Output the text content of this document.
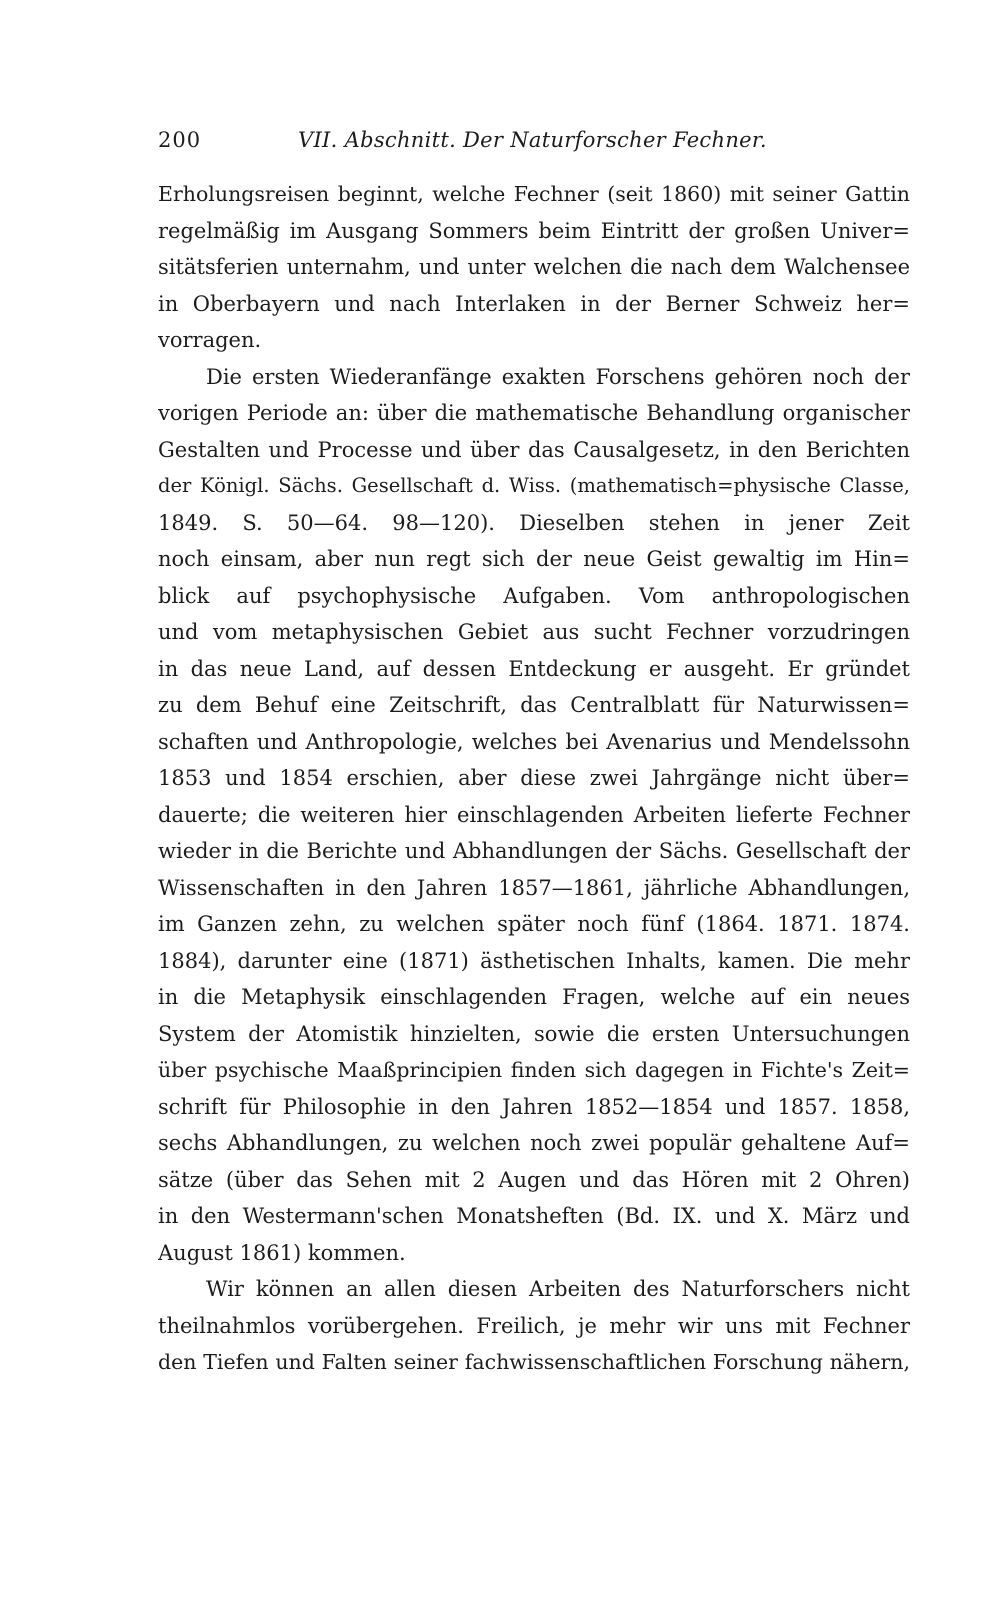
200	VII. Abschnitt. Der Naturforscher Fechner.
Erholungsreisen beginnt, welche Fechner (seit 1860) mit seiner Gattin
regelmäßig im Ausgang Sommers beim Eintritt der großen Univer=
sitätsferien unternahm, und unter welchen die nach dem Walchensee
in Oberbayern und nach Interlaken in der Berner Schweiz her=
vorragen.
Die ersten Wiederanfänge exakten Forschens gehören noch der
vorigen Periode an: über die mathematische Behandlung organischer
Gestalten und Processe und über das Causalgesetz, in den Berichten
der Königl. Sächs. Gesellschaft d. Wiss. (mathematisch=physische Classe,
1849. S. 50—64. 98—120). Dieselben stehen in jener Zeit
noch einsam, aber nun regt sich der neue Geist gewaltig im Hin=
blick auf psychophysische Aufgaben. Vom anthropologischen
und vom metaphysischen Gebiet aus sucht Fechner vorzudringen
in das neue Land, auf dessen Entdeckung er ausgeht. Er gründet
zu dem Behuf eine Zeitschrift, das Centralblatt für Naturwissen=
schaften und Anthropologie, welches bei Avenarius und Mendelssohn
1853 und 1854 erschien, aber diese zwei Jahrgänge nicht über=
dauerte; die weiteren hier einschlagenden Arbeiten lieferte Fechner
wieder in die Berichte und Abhandlungen der Sächs. Gesellschaft der
Wissenschaften in den Jahren 1857—1861, jährliche Abhandlungen,
im Ganzen zehn, zu welchen später noch fünf (1864. 1871. 1874.
1884), darunter eine (1871) ästhetischen Inhalts, kamen. Die mehr
in die Metaphysik einschlagenden Fragen, welche auf ein neues
System der Atomistik hinzielten, sowie die ersten Untersuchungen
über psychische Maaßprincipien finden sich dagegen in Fichte's Zeit=
schrift für Philosophie in den Jahren 1852—1854 und 1857. 1858,
sechs Abhandlungen, zu welchen noch zwei populär gehaltene Auf=
sätze (über das Sehen mit 2 Augen und das Hören mit 2 Ohren)
in den Westermann'schen Monatsheften (Bd. IX. und X. März und
August 1861) kommen.
Wir können an allen diesen Arbeiten des Naturforschers nicht
theilnahmlos vorübergehen. Freilich, je mehr wir uns mit Fechner
den Tiefen und Falten seiner fachwissenschaftlichen Forschung nähern,
